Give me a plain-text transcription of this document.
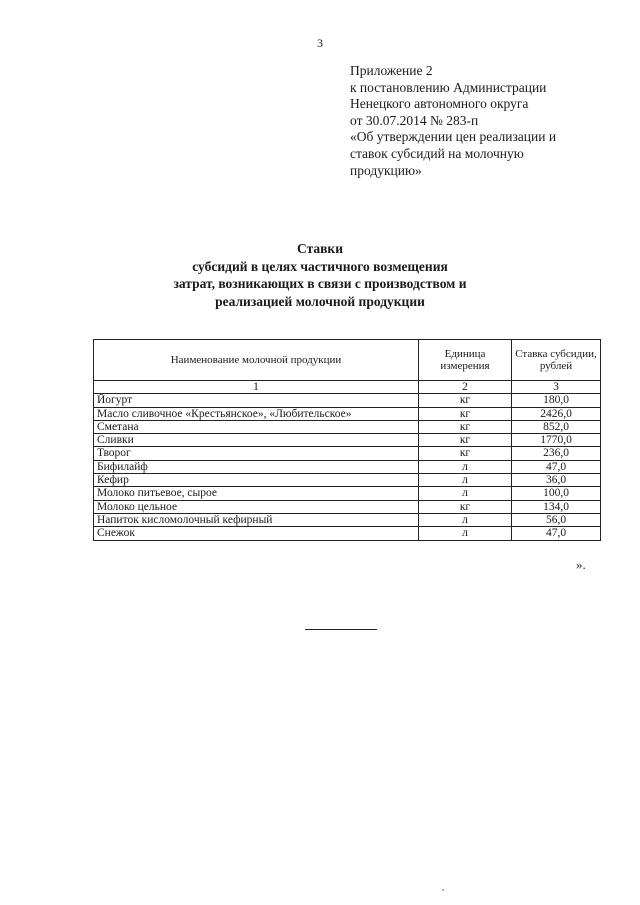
3
Приложение 2
к постановлению Администрации
Ненецкого автономного округа
от 30.07.2014 № 283-п
«Об утверждении цен реализации и
ставок субсидий на молочную
продукцию»
Ставки
субсидий в целях частичного возмещения
затрат, возникающих в связи с производством и
реализацией молочной продукции
Наименование молочной продукции	Единица измерения	Ставка субсидии, рублей
1	2	3
Йогурт	кг	180,0
Масло сливочное «Крестьянское», «Любительское»	кг	2426,0
Сметана	кг	852,0
Сливки	кг	1770,0
Творог	кг	236,0
Бифилайф	л	47,0
Кефир	л	36,0
Молоко питьевое, сырое	л	100,0
Молоко цельное	кг	134,0
Напиток кисломолочный кефирный	л	56,0
Снежок	л	47,0
».
